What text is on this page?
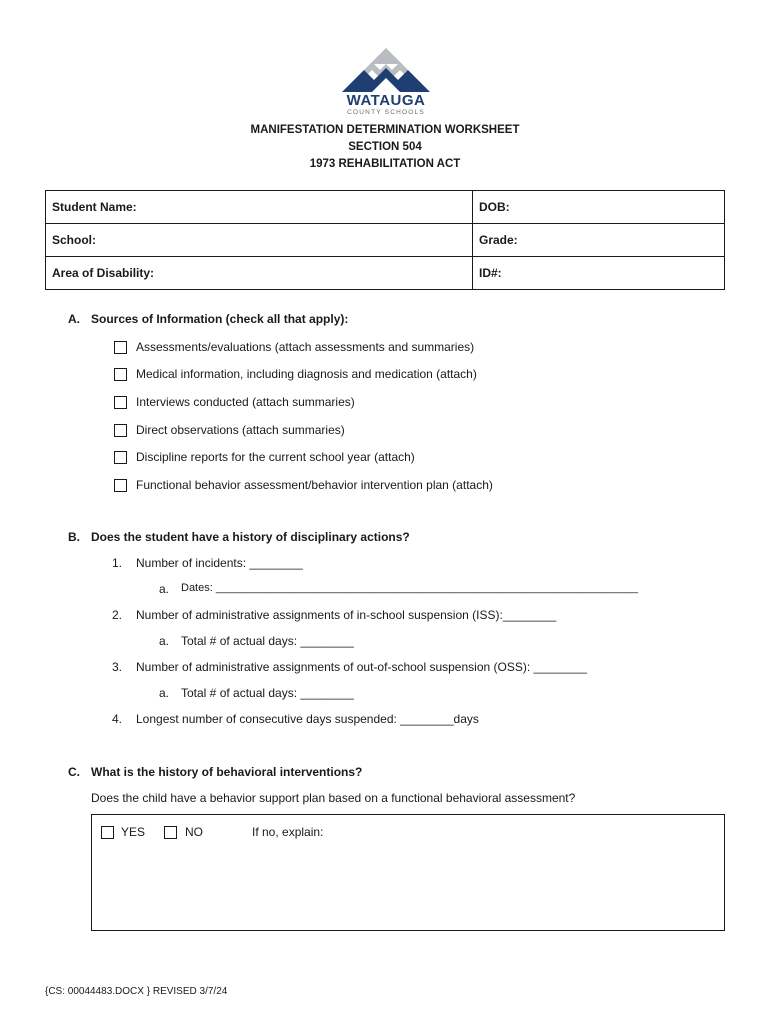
WATAUGA
COUNTY SCHOOLS
MANIFESTATION DETERMINATION WORKSHEET
SECTION 504
1973 REHABILITATION ACT
Student Name:	DOB:
School:	Grade:
Area of Disability:	ID#:
A. Sources of Information (check all that apply):
Assessments/evaluations (attach assessments and summaries)
Medical information, including diagnosis and medication (attach)
Interviews conducted (attach summaries)
Direct observations (attach summaries)
Discipline reports for the current school year (attach)
Functional behavior assessment/behavior intervention plan (attach)
B. Does the student have a history of disciplinary actions?
1. Number of incidents: ________
a. Dates: _____________________________________________________________________
2. Number of administrative assignments of in-school suspension (ISS):________
a. Total # of actual days: ________
3. Number of administrative assignments of out-of-school suspension (OSS): ________
a. Total # of actual days: ________
4. Longest number of consecutive days suspended: ________days
C. What is the history of behavioral interventions?
Does the child have a behavior support plan based on a functional behavioral assessment?
YES	NO	If no, explain:
{CS: 00044483.DOCX } REVISED 3/7/24
